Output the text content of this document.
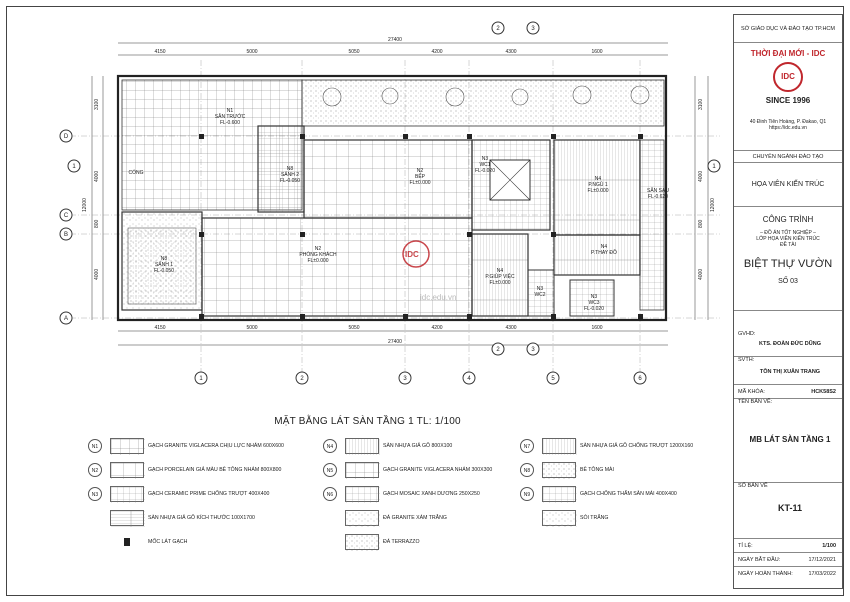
IDC
1	2	3	4	5	6
D
C
B
A
2	3
1	1
2	3
4150	5000	5050	4200	4300	1600
27400
4150	5000	5050	4200	4300	1600
27400
3100
4000
800
4000
12000
3100
4000
800
4000
12000
N1
SÂN TRƯỚC
FL-0.600
CỔNG
N8
SẢNH 2
FL-0.050
N2
BẾP
FL±0.000
N3
WC1
FL-0.020
N4
P.NGỦ 1
FL±0.000	SÂN SAU
FL-0.620
N8
SẢNH 1
FL-0.050
N2
PHÒNG KHÁCH
FL±0.000
N4
P.GIÚP VIỆC
FL±0.000
N3
WC2
N4
P.THAY ĐỒ
N3
WC3
FL-0.020
idc.edu.vn
MẶT BẰNG LÁT SÀN TẦNG 1 TL: 1/100
N1	GẠCH GRANITE VIGLACERA CHỊU LỰC NHÁM 600X600
N2	GẠCH PORCELAIN GIẢ MÀU BÊ TÔNG NHÁM 800X800
N3	GẠCH CERAMIC PRIME CHỐNG TRƯỢT 400X400
SÀN NHỰA GIẢ GỖ KÍCH THƯỚC 100X1700
MỐC LÁT GẠCH
N4	SÀN NHỰA GIẢ GỖ 800X100
N5	GẠCH GRANITE VIGLACERA NHÁM 300X300
N6	GẠCH MOSAIC XANH DƯƠNG 250X250
ĐÁ GRANITE XÁM TRẮNG
ĐÁ TERRAZZO
N7	SÀN NHỰA GIẢ GỖ CHỐNG TRƯỢT 1200X160
N8	BÊ TÔNG MÀI
N9	GẠCH CHỐNG THẤM SÂN MÁI 400X400
SỎI TRẮNG
SỞ GIÁO DỤC VÀ ĐÀO TẠO TP.HCM
THỜI ĐẠI MỚI - IDC
IDC
SINCE 1996
40 Đinh Tiên Hoàng, P. Đakao, Q1
https://idc.edu.vn
CHUYÊN NGÀNH ĐÀO TẠO
HỌA VIÊN KIẾN TRÚC
CÔNG TRÌNH
– ĐỒ ÁN TỐT NGHIỆP –
LỚP HỌA VIÊN KIẾN TRÚC
ĐỀ TÀI
BIỆT THỰ VƯỜN
SỐ 03
GVHD:
KTS. ĐOÀN ĐỨC DŨNG
SVTH:
TÔN THỊ XUÂN TRANG
MÃ KHÓA:	HCK58S2
TÊN BẢN VẼ:
MB LÁT SÀN TẦNG 1
SỐ BẢN VẼ
KT-11
TỈ LỆ:	1/100
NGÀY BẮT ĐẦU:	17/12/2021
NGÀY HOÀN THÀNH:	17/03/2022
